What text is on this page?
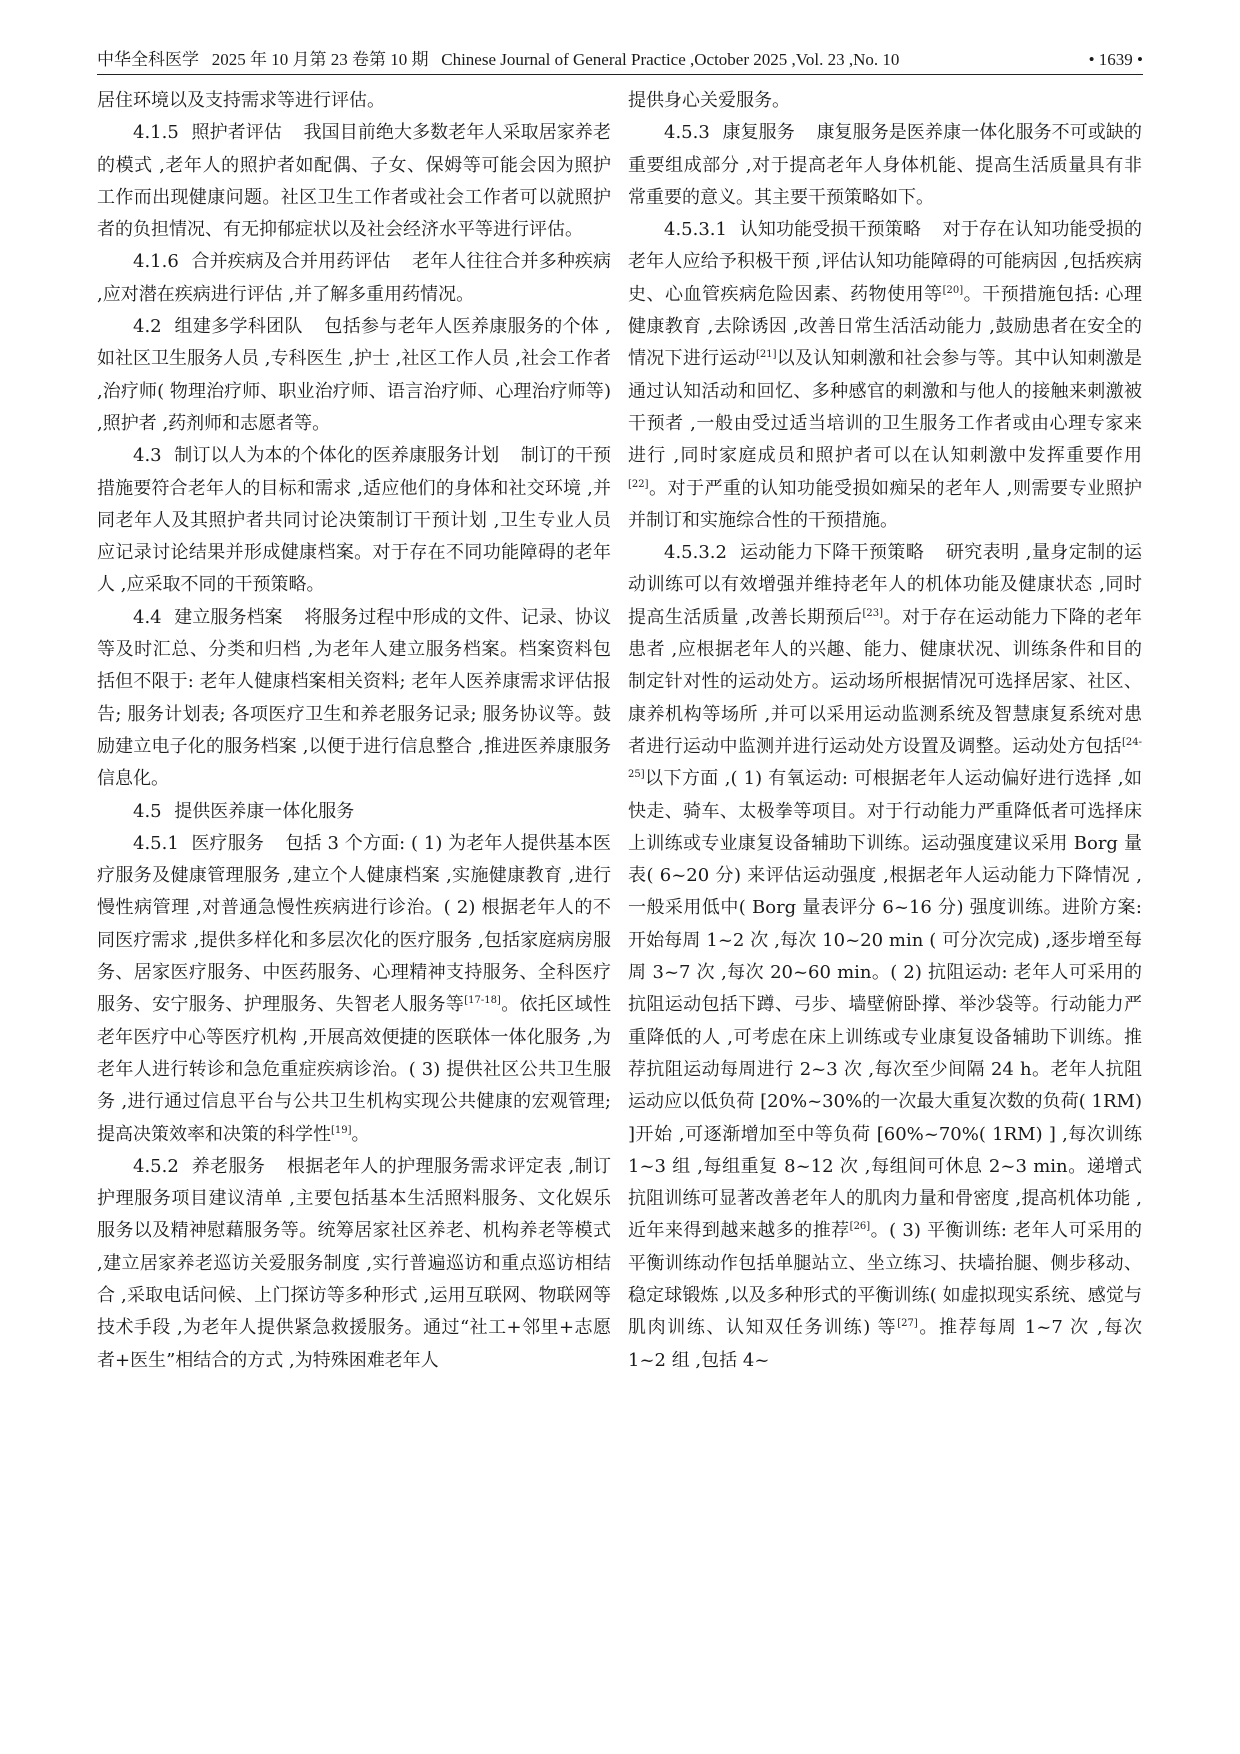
中华全科医学 2025 年 10 月第 23 卷第 10 期 Chinese Journal of General Practice ,October 2025 ,Vol. 23 ,No. 10	• 1639 •

居住环境以及支持需求等进行评估。

4.1.5 照护者评估 我国目前绝大多数老年人采取居家养老的模式 ,老年人的照护者如配偶、子女、保姆等可能会因为照护工作而出现健康问题。社区卫生工作者或社会工作者可以就照护者的负担情况、有无抑郁症状以及社会经济水平等进行评估。

4.1.6 合并疾病及合并用药评估 老年人往往合并多种疾病 ,应对潜在疾病进行评估 ,并了解多重用药情况。

4.2 组建多学科团队 包括参与老年人医养康服务的个体 ,如社区卫生服务人员 ,专科医生 ,护士 ,社区工作人员 ,社会工作者 ,治疗师( 物理治疗师、职业治疗师、语言治疗师、心理治疗师等) ,照护者 ,药剂师和志愿者等。

4.3 制订以人为本的个体化的医养康服务计划 制订的干预措施要符合老年人的目标和需求 ,适应他们的身体和社交环境 ,并同老年人及其照护者共同讨论决策制订干预计划 ,卫生专业人员应记录讨论结果并形成健康档案。对于存在不同功能障碍的老年人 ,应采取不同的干预策略。

4.4 建立服务档案 将服务过程中形成的文件、记录、协议等及时汇总、分类和归档 ,为老年人建立服务档案。档案资料包括但不限于: 老年人健康档案相关资料; 老年人医养康需求评估报告; 服务计划表; 各项医疗卫生和养老服务记录; 服务协议等。鼓励建立电子化的服务档案 ,以便于进行信息整合 ,推进医养康服务信息化。

4.5 提供医养康一体化服务

4.5.1 医疗服务 包括 3 个方面: ( 1) 为老年人提供基本医疗服务及健康管理服务 ,建立个人健康档案 ,实施健康教育 ,进行慢性病管理 ,对普通急慢性疾病进行诊治。( 2) 根据老年人的不同医疗需求 ,提供多样化和多层次化的医疗服务 ,包括家庭病房服务、居家医疗服务、中医药服务、心理精神支持服务、全科医疗服务、安宁服务、护理服务、失智老人服务等[17-18]。依托区域性老年医疗中心等医疗机构 ,开展高效便捷的医联体一体化服务 ,为老年人进行转诊和急危重症疾病诊治。( 3) 提供社区公共卫生服务 ,进行通过信息平台与公共卫生机构实现公共健康的宏观管理; 提高决策效率和决策的科学性[19]。

4.5.2 养老服务 根据老年人的护理服务需求评定表 ,制订护理服务项目建议清单 ,主要包括基本生活照料服务、文化娱乐服务以及精神慰藉服务等。统筹居家社区养老、机构养老等模式 ,建立居家养老巡访关爱服务制度 ,实行普遍巡访和重点巡访相结合 ,采取电话问候、上门探访等多种形式 ,运用互联网、物联网等技术手段 ,为老年人提供紧急救援服务。通过“社工+邻里+志愿者+医生”相结合的方式 ,为特殊困难老年人

提供身心关爱服务。

4.5.3 康复服务 康复服务是医养康一体化服务不可或缺的重要组成部分 ,对于提高老年人身体机能、提高生活质量具有非常重要的意义。其主要干预策略如下。

4.5.3.1 认知功能受损干预策略 对于存在认知功能受损的老年人应给予积极干预 ,评估认知功能障碍的可能病因 ,包括疾病史、心血管疾病危险因素、药物使用等[20]。干预措施包括: 心理健康教育 ,去除诱因 ,改善日常生活活动能力 ,鼓励患者在安全的情况下进行运动[21]以及认知刺激和社会参与等。其中认知刺激是通过认知活动和回忆、多种感官的刺激和与他人的接触来刺激被干预者 ,一般由受过适当培训的卫生服务工作者或由心理专家来进行 ,同时家庭成员和照护者可以在认知刺激中发挥重要作用[22]。对于严重的认知功能受损如痴呆的老年人 ,则需要专业照护并制订和实施综合性的干预措施。

4.5.3.2 运动能力下降干预策略 研究表明 ,量身定制的运动训练可以有效增强并维持老年人的机体功能及健康状态 ,同时提高生活质量 ,改善长期预后[23]。对于存在运动能力下降的老年患者 ,应根据老年人的兴趣、能力、健康状况、训练条件和目的制定针对性的运动处方。运动场所根据情况可选择居家、社区、康养机构等场所 ,并可以采用运动监测系统及智慧康复系统对患者进行运动中监测并进行运动处方设置及调整。运动处方包括[24-25]以下方面 ,( 1) 有氧运动: 可根据老年人运动偏好进行选择 ,如快走、骑车、太极拳等项目。对于行动能力严重降低者可选择床上训练或专业康复设备辅助下训练。运动强度建议采用 Borg 量表( 6~20 分) 来评估运动强度 ,根据老年人运动能力下降情况 ,一般采用低中( Borg 量表评分 6~16 分) 强度训练。进阶方案: 开始每周 1~2 次 ,每次 10~20 min ( 可分次完成) ,逐步增至每周 3~7 次 ,每次 20~60 min。( 2) 抗阻运动: 老年人可采用的抗阻运动包括下蹲、弓步、墙壁俯卧撑、举沙袋等。行动能力严重降低的人 ,可考虑在床上训练或专业康复设备辅助下训练。推荐抗阻运动每周进行 2~3 次 ,每次至少间隔 24 h。老年人抗阻运动应以低负荷 [20%~30%的一次最大重复次数的负荷( 1RM) ]开始 ,可逐渐增加至中等负荷 [60%~70%( 1RM) ] ,每次训练 1~3 组 ,每组重复 8~12 次 ,每组间可休息 2~3 min。递增式抗阻训练可显著改善老年人的肌肉力量和骨密度 ,提高机体功能 ,近年来得到越来越多的推荐[26]。( 3) 平衡训练: 老年人可采用的平衡训练动作包括单腿站立、坐立练习、扶墙抬腿、侧步移动、稳定球锻炼 ,以及多种形式的平衡训练( 如虚拟现实系统、感觉与肌肉训练、认知双任务训练) 等[27]。推荐每周 1~7 次 ,每次 1~2 组 ,包括 4~
